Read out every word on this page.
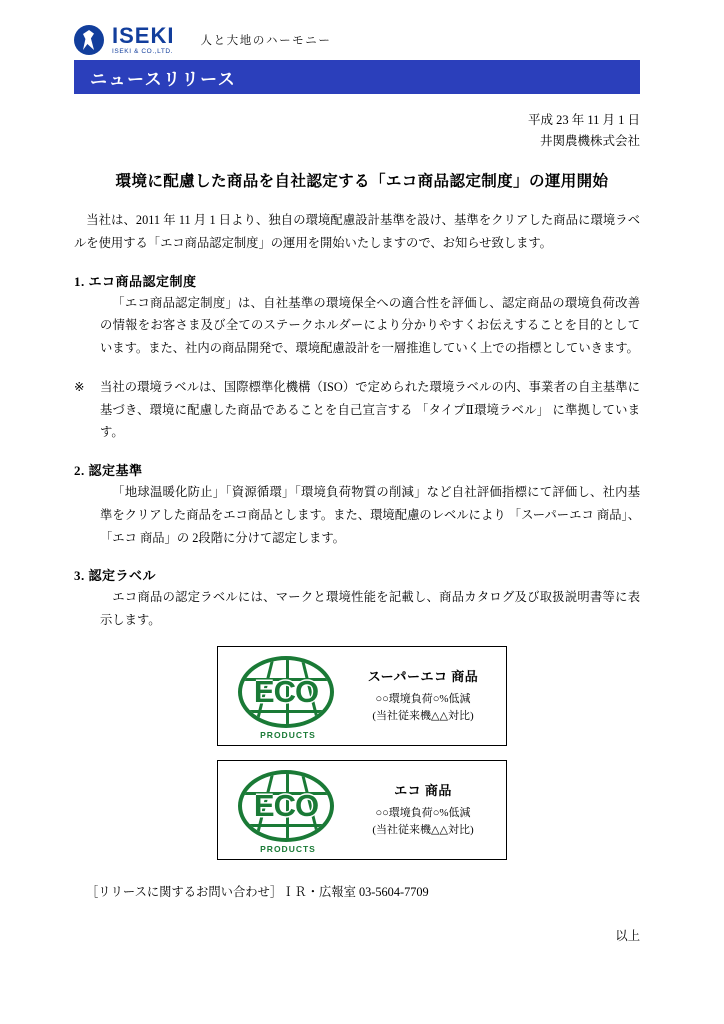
ISEKI
ISEKI & CO.,LTD.
人と大地のハーモニー
ニュースリリース
平成 23 年 11 月 1 日
井関農機株式会社
環境に配慮した商品を自社認定する「エコ商品認定制度」の運用開始
当社は、2011 年 11 月 1 日より、独自の環境配慮設計基準を設け、基準をクリアした商品に環境ラベルを使用する「エコ商品認定制度」の運用を開始いたしますので、お知らせ致します。
1. エコ商品認定制度
「エコ商品認定制度」は、自社基準の環境保全への適合性を評価し、認定商品の環境負荷改善の情報をお客さま及び全てのステークホルダーにより分かりやすくお伝えすることを目的としています。また、社内の商品開発で、環境配慮設計を一層推進していく上での指標としていきます。
※	当社の環境ラベルは、国際標準化機構（ISO）で定められた環境ラベルの内、事業者の自主基準に基づき、環境に配慮した商品であることを自己宣言する 「タイプⅡ環境ラベル」 に準拠しています。
2. 認定基準
「地球温暖化防止」「資源循環」「環境負荷物質の削減」など自社評価指標にて評価し、社内基準をクリアした商品をエコ商品とします。また、環境配慮のレベルにより 「スーパーエコ 商品」、「エコ 商品」の 2段階に分けて認定します。
3. 認定ラベル
エコ商品の認定ラベルには、マークと環境性能を記載し、商品カタログ及び取扱説明書等に表示します。
ECO
PRODUCTS
スーパーエコ 商品
○○環境負荷○%低減
(当社従来機△△対比)
ECO
PRODUCTS
エコ 商品
○○環境負荷○%低減
(当社従来機△△対比)
［リリースに関するお問い合わせ］ＩＲ・広報室 03-5604-7709
以上
